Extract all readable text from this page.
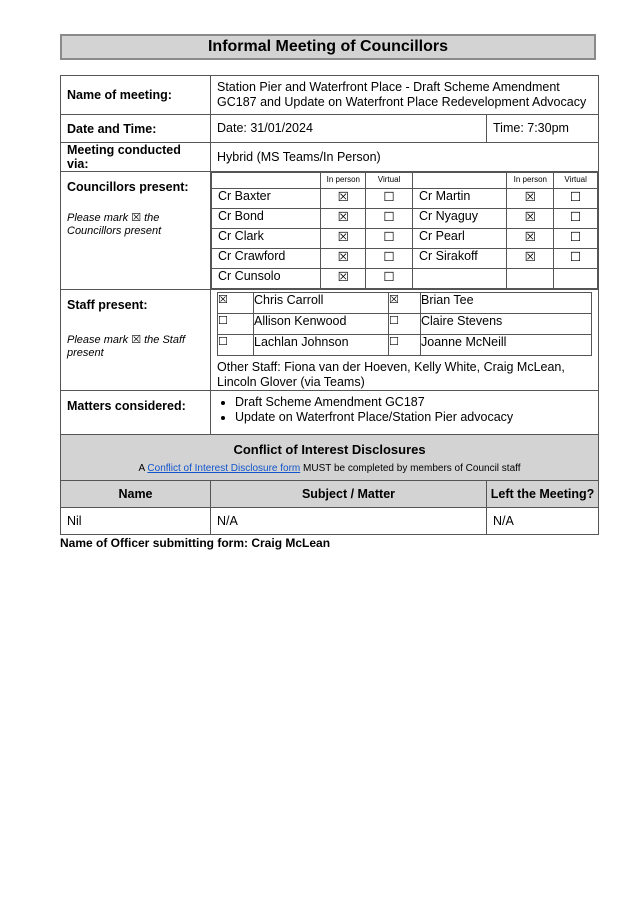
Informal Meeting of Councillors
Name of meeting:	
Station Pier and Waterfront Place - Draft Scheme Amendment
GC187 and Update on Waterfront Place Redevelopment Advocacy

Date and Time:	Date: 31/01/2024	Time: 7:30pm

Meeting conducted via:	
Hybrid (MS Teams/In Person)

Councillors present:
Please mark ☒ the Councillors present

	In person	Virtual		In person	Virtual
Cr Baxter	☒	☐	Cr Martin	☒	☐
Cr Bond	☒	☐	Cr Nyaguy	☒	☐
Cr Clark	☒	☐	Cr Pearl	☒	☐
Cr Crawford	☒	☐	Cr Sirakoff	☒	☐
Cr Cunsolo	☒	☐			

Staff present:
Please mark ☒ the Staff present

☒	Chris Carroll	☒	Brian Tee
☐	Allison Kenwood	☐	Claire Stevens
☐	Lachlan Johnson	☐	Joanne McNeill
Other Staff: Fiona van der Hoeven, Kelly White, Craig McLean,
Lincoln Glover (via Teams)

Matters considered:	
•Draft Scheme Amendment GC187
• Update on Waterfront Place/Station Pier advocacy

Conflict of Interest Disclosures
A Conflict of Interest Disclosure form MUST be completed by members of Council staff

Name	Subject / Matter	Left the Meeting?
Nil	N/A	N/A
Name of Officer submitting form: Craig McLean
